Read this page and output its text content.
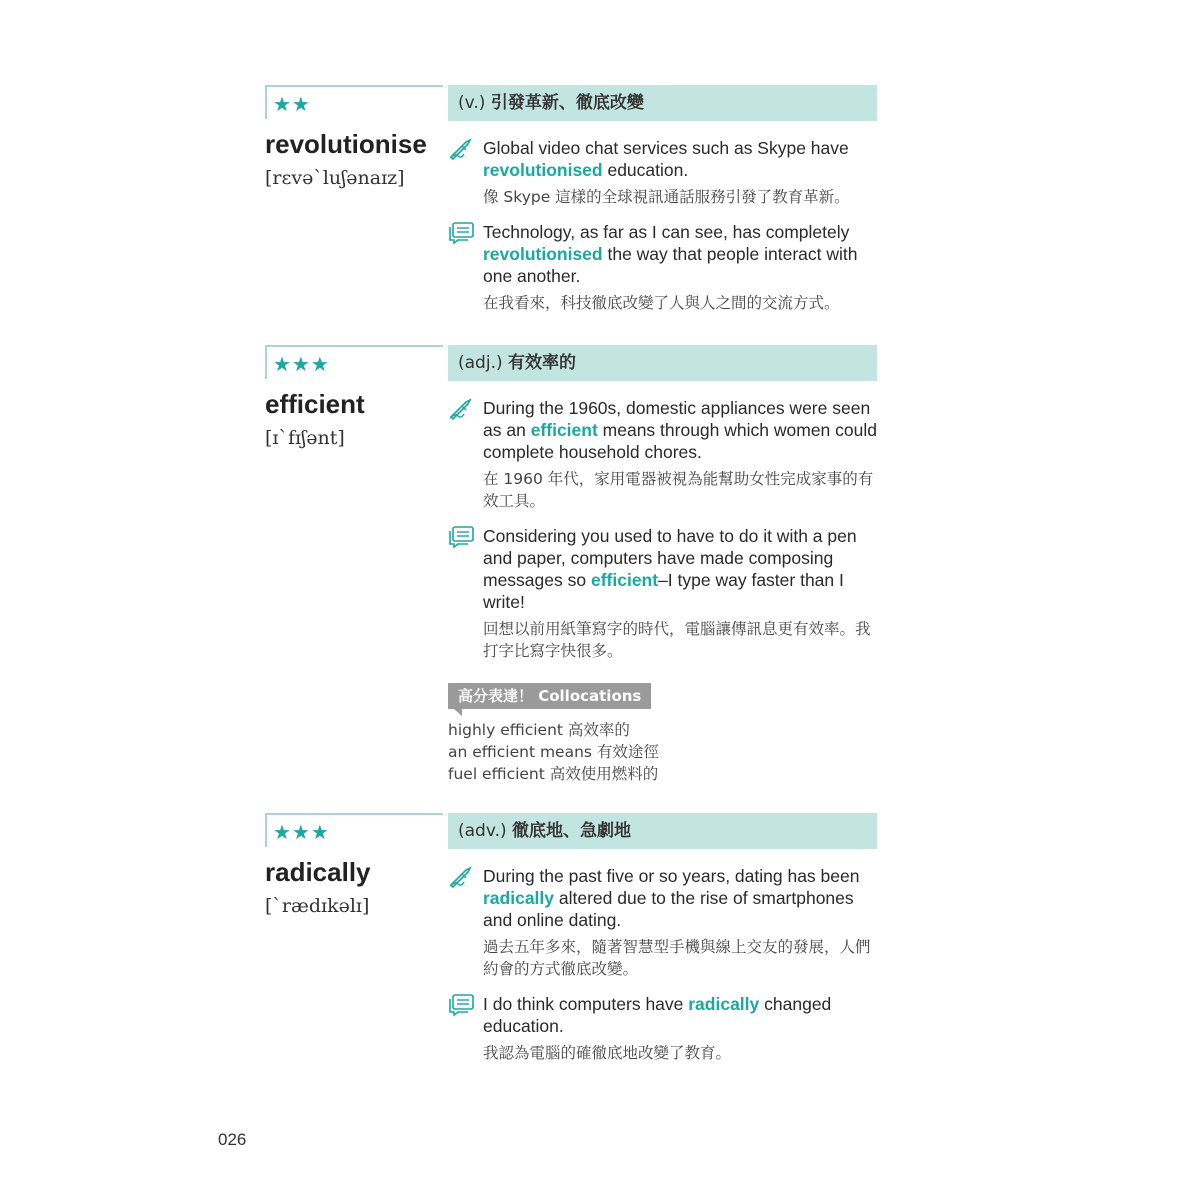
★★
revolutionise
[rɛvəˋluʃənaɪz]
(v.) 引發革新、徹底改變
Global video chat services such as Skype have revolutionised education.
像 Skype 這樣的全球視訊通話服務引發了教育革新。
Technology, as far as I can see, has completely revolutionised the way that people interact with one another.
在我看來，科技徹底改變了人與人之間的交流方式。
★★★
efficient
[ɪˋfɪʃənt]
(adj.) 有效率的
During the 1960s, domestic appliances were seen as an efficient means through which women could complete household chores.
在 1960 年代，家用電器被視為能幫助女性完成家事的有效工具。
Considering you used to have to do it with a pen and paper, computers have made composing messages so efficient–I type way faster than I write!
回想以前用紙筆寫字的時代，電腦讓傳訊息更有效率。我打字比寫字快很多。
高分表達！ Collocations
highly efficient 高效率的
an efficient means 有效途徑
fuel efficient 高效使用燃料的
★★★
radically
[ˋrædɪkəlɪ]
(adv.) 徹底地、急劇地
During the past five or so years, dating has been radically altered due to the rise of smartphones and online dating.
過去五年多來，隨著智慧型手機與線上交友的發展，人們約會的方式徹底改變。
I do think computers have radically changed education.
我認為電腦的確徹底地改變了教育。
026
